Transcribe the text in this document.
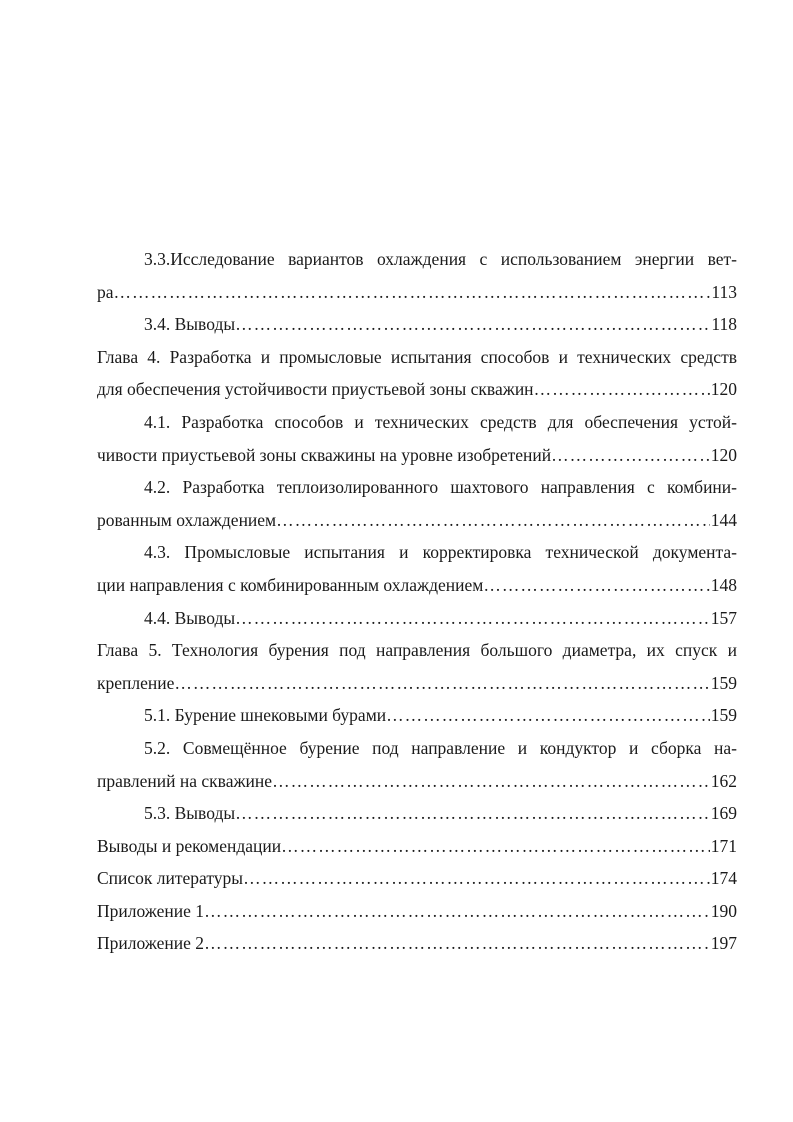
3.3.Исследование вариантов охлаждения с использованием энергии вет-
ра …………………………………………………………………………………………………………………………………………………………	113
3.4. Выводы …………………………………………………………………………………………………………………………………………………………	118
Глава 4. Разработка и промысловые испытания способов и технических средств
для обеспечения устойчивости приустьевой зоны скважин …………………………………………………………………………………………………………………………………………………………	120
4.1. Разработка способов и технических средств для обеспечения устой-
чивости приустьевой зоны скважины на уровне изобретений …………………………………………………………………………………………………………………………………………………………	120
4.2. Разработка теплоизолированного шахтового направления с комбини-
рованным охлаждением …………………………………………………………………………………………………………………………………………………………	144
4.3. Промысловые испытания и корректировка технической документа-
ции направления с комбинированным охлаждением …………………………………………………………………………………………………………………………………………………………	148
4.4. Выводы …………………………………………………………………………………………………………………………………………………………	157
Глава 5. Технология бурения под направления большого диаметра, их спуск и
крепление …………………………………………………………………………………………………………………………………………………………	159
5.1. Бурение шнековыми бурами …………………………………………………………………………………………………………………………………………………………	159
5.2. Совмещённое бурение под направление и кондуктор и сборка на-
правлений на скважине …………………………………………………………………………………………………………………………………………………………	162
5.3. Выводы …………………………………………………………………………………………………………………………………………………………	169
Выводы и рекомендации …………………………………………………………………………………………………………………………………………………………	171
Список литературы …………………………………………………………………………………………………………………………………………………………	174
Приложение 1 …………………………………………………………………………………………………………………………………………………………	190
Приложение 2 …………………………………………………………………………………………………………………………………………………………	197
